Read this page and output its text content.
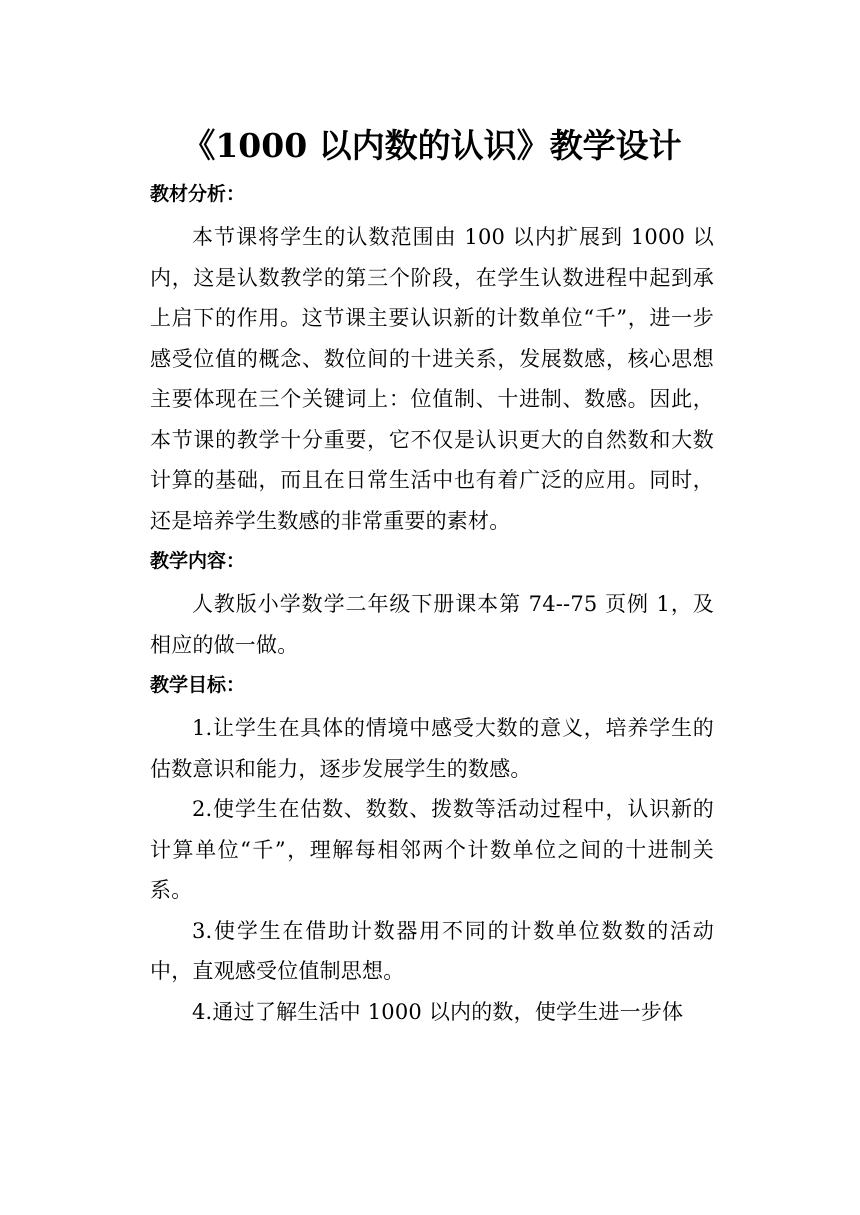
《1000 以内数的认识》教学设计
教材分析：

本节课将学生的认数范围由 100 以内扩展到 1000 以内，这是认数教学的第三个阶段，在学生认数进程中起到承上启下的作用。这节课主要认识新的计数单位“千”，进一步感受位值的概念、数位间的十进关系，发展数感，核心思想主要体现在三个关键词上：位值制、十进制、数感。因此，本节课的教学十分重要，它不仅是认识更大的自然数和大数计算的基础，而且在日常生活中也有着广泛的应用。同时，还是培养学生数感的非常重要的素材。

教学内容：

人教版小学数学二年级下册课本第 74--75 页例 1，及相应的做一做。

教学目标：

1.让学生在具体的情境中感受大数的意义，培养学生的估数意识和能力，逐步发展学生的数感。

2.使学生在估数、数数、拨数等活动过程中，认识新的计算单位“千”，理解每相邻两个计数单位之间的十进制关系。

3.使学生在借助计数器用不同的计数单位数数的活动中，直观感受位值制思想。

4.通过了解生活中 1000 以内的数，使学生进一步体
